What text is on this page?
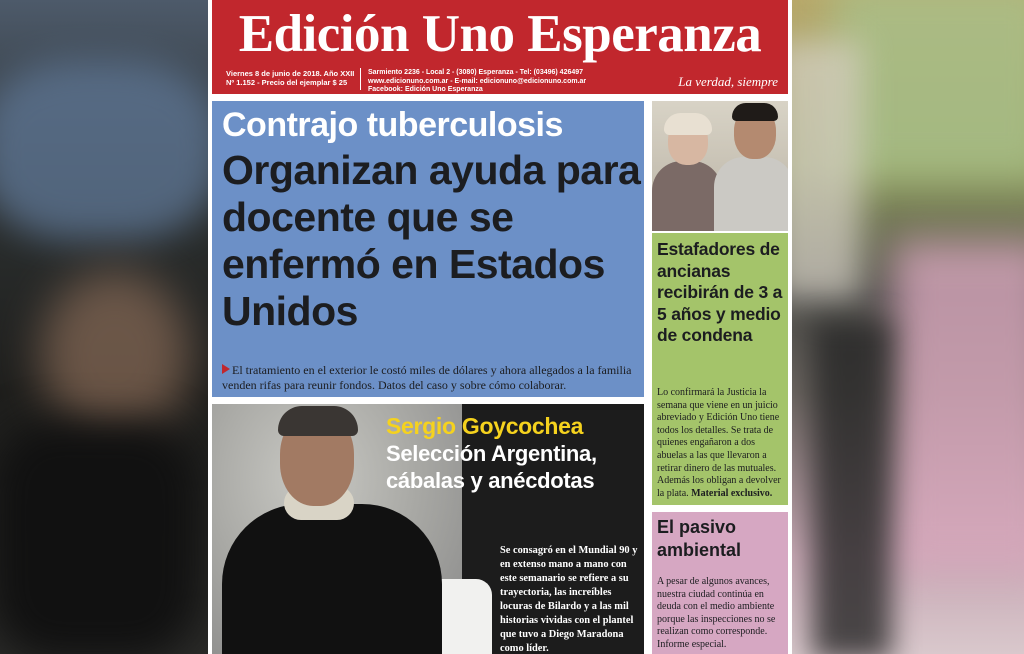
Edición Uno Esperanza
Viernes 8 de junio de 2018. Año XXII
Nº 1.152 - Precio del ejemplar $ 25
Sarmiento 2236 - Local 2 - (3080) Esperanza - Tel: (03496) 426497
www.edicionuno.com.ar - E-mail: edicionuno@edicionuno.com.ar
Facebook: Edición Uno Esperanza
La verdad, siempre
Contrajo tuberculosis
Organizan ayuda para docente que se enfermó en Estados Unidos
El tratamiento en el exterior le costó miles de dólares y ahora allegados a la familia venden rifas para reunir fondos. Datos del caso y sobre cómo colaborar.
Sergio Goycochea
Selección Argentina, cábalas y anécdotas
Se consagró en el Mundial 90 y en extenso mano a mano con este semanario se refiere a su trayectoria, las increíbles locuras de Bilardo y a las mil historias vividas con el plantel que tuvo a Diego Maradona como líder.
Estafadores de ancianas recibirán de 3 a 5 años y medio de condena
Lo confirmará la Justicia la semana que viene en un juicio abreviado y Edición Uno tiene todos los detalles. Se trata de quienes engañaron a dos abuelas a las que llevaron a retirar dinero de las mutuales. Además los obligan a devolver la plata. Material exclusivo.
El pasivo ambiental
A pesar de algunos avances, nuestra ciudad continúa en deuda con el medio ambiente porque las inspecciones no se realizan como corresponde. Informe especial.
